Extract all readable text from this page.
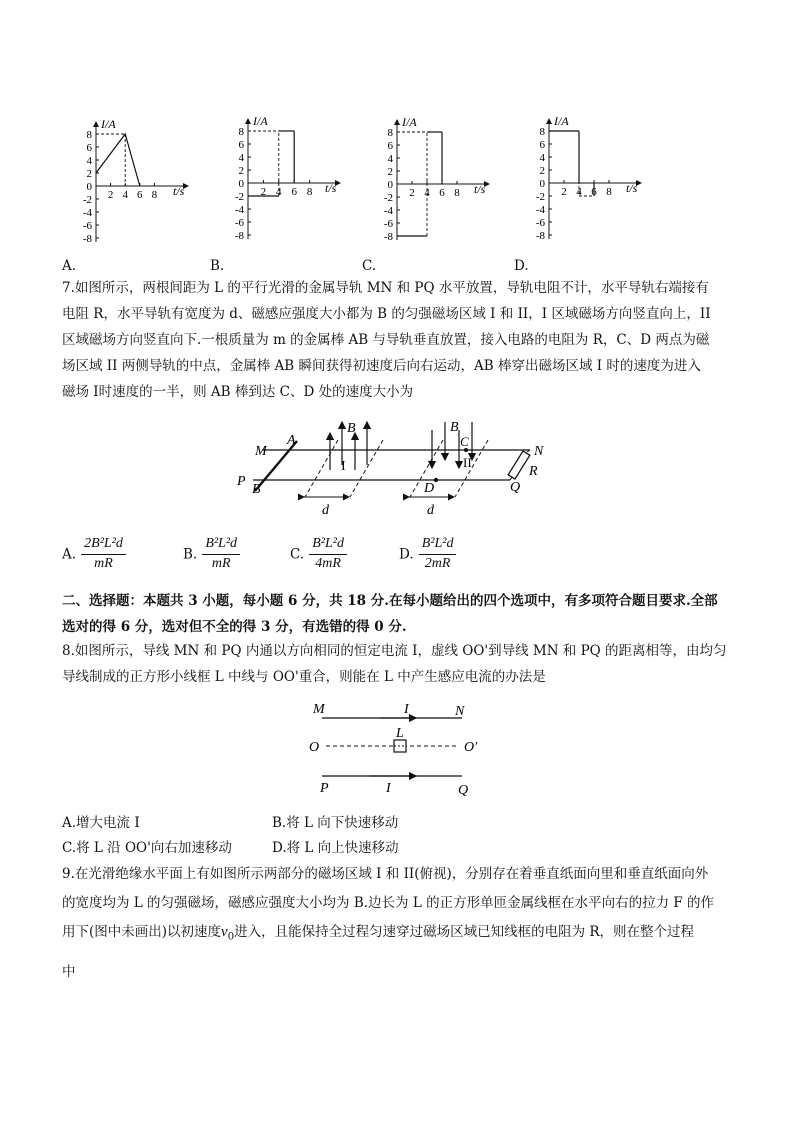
8
6
4
2
0
-2
-4
-6
-8
2 4 6 8
I/A
t/s
8
6
4
2
0
-2
-4
-6
-8
2 4 6 8
I/A
t/s
8
6
4
2
0
-2
-4
-6
-8
2 4 6 8
I/A
t/s
8
6
4
2
0
-2
-4
-6
-8
2 4 6 8
I/A
t/s
A.	B.	C.	D.
7.如图所示，两根间距为 L 的平行光滑的金属导轨 MN 和 PQ 水平放置，导轨电阻不计，水平导轨右端接有
电阻 R，水平导轨有宽度为 d、磁感应强度大小都为 B 的匀强磁场区域 I 和 II，I 区域磁场方向竖直向上，II
区域磁场方向竖直向下.一根质量为 m 的金属棒 AB 与导轨垂直放置，接入电路的电阻为 R，C、D 两点为磁
场区域 II 两侧导轨的中点，金属棒 AB 瞬间获得初速度后向右运动，AB 棒穿出磁场区域 I 时的速度为进入
磁场 I时速度的一半，则 AB 棒到达 C、D 处的速度大小为
M
A
P
B
B
I
B
C
II
D
N
R
Q
d	d
A. $\frac{\text{2B²L²d}}{mR}$	B. $\frac{\text{B²L²d}}{mR}$	C. $\frac{\text{B²L²d}}{4mR}$	D. $\frac{\text{B²L²d}}{2mR}$
二、选择题：本题共 3 小题，每小题 6 分，共 18 分.在每小题给出的四个选项中，有多项符合题目要求.全部
选对的得 6 分，选对但不全的得 3 分，有选错的得 0 分.
8.如图所示，导线 MN 和 PQ 内通以方向相同的恒定电流 I，虚线 OO'到导线 MN 和 PQ 的距离相等，由均匀
导线制成的正方形小线框 L 中线与 OO'重合，则能在 L 中产生感应电流的办法是
M	I	N
L
O	O′
P	I	Q
A.增大电流 I	B.将 L 向下快速移动
C.将 L 沿 OO'向右加速移动	D.将 L 向上快速移动
9.在光滑绝缘水平面上有如图所示两部分的磁场区域 I 和 II(俯视)，分别存在着垂直纸面向里和垂直纸面向外
的宽度均为 L 的匀强磁场，磁感应强度大小均为 B.边长为 L 的正方形单匝金属线框在水平向右的拉力 F 的作
用下(图中未画出)以初速度$v_0$进入，且能保持全过程匀速穿过磁场区域已知线框的电阻为 R，则在整个过程
中
